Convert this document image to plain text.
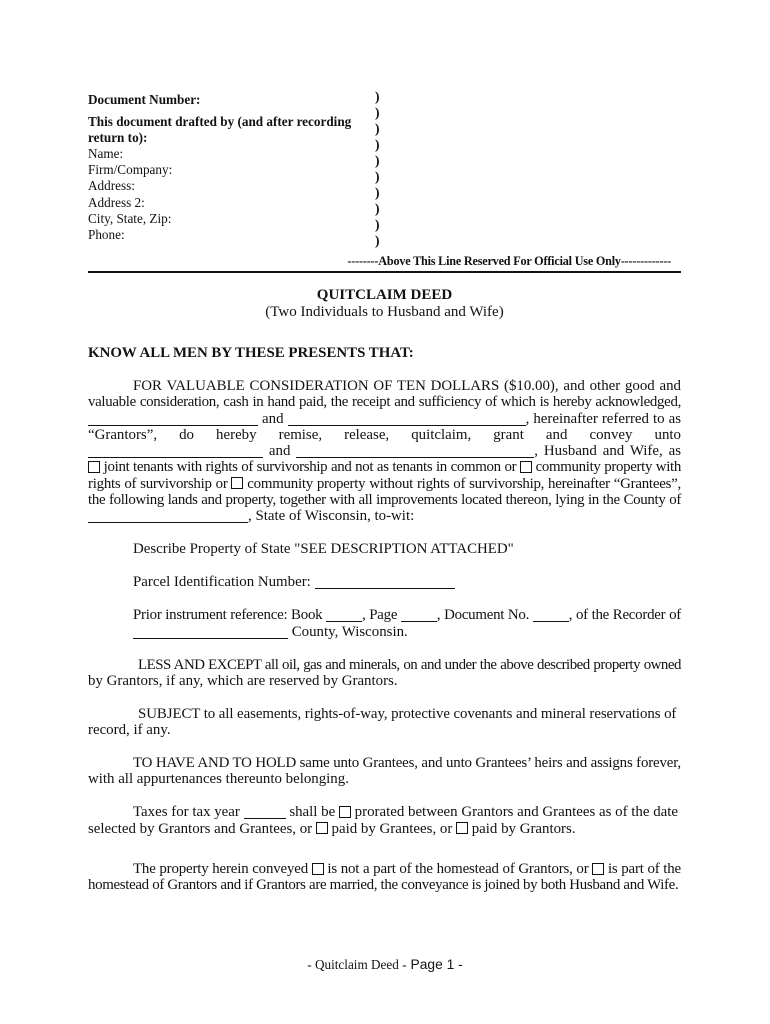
Document Number:
This document drafted by (and after recording return to):
Name:
Firm/Company:
Address:
Address 2:
City, State, Zip:
Phone:
)
)
)
)
)
)
)
)
)
)
--------Above This Line Reserved For Official Use Only-------------
QUITCLAIM DEED
(Two Individuals to Husband and Wife)
KNOW ALL MEN BY THESE PRESENTS THAT:
FOR VALUABLE CONSIDERATION OF TEN DOLLARS ($10.00), and other good and
valuable consideration, cash in hand paid, the receipt and sufficiency of which is hereby acknowledged,
and	, hereinafter referred to as
“Grantors”, do hereby remise, release, quitclaim, grant and convey unto
and	, Husband and Wife, as
joint tenants with rights of survivorship and not as tenants in common or  community property with
rights of survivorship or  community property without rights of survivorship, hereinafter “Grantees”,
the following lands and property, together with all improvements located thereon, lying in the County of
, State of Wisconsin, to-wit:
Describe Property of State "SEE DESCRIPTION ATTACHED"
Parcel Identification Number:
Prior instrument reference: Book , Page , Document No. , of the Recorder of
County, Wisconsin.
LESS AND EXCEPT all oil, gas and minerals, on and under the above described property owned
by Grantors, if any, which are reserved by Grantors.
SUBJECT to all easements, rights-of-way, protective covenants and mineral reservations of
record, if any.
TO HAVE AND TO HOLD same unto Grantees, and unto Grantees’ heirs and assigns forever,
with all appurtenances thereunto belonging.
Taxes for tax year	shall be  prorated between Grantors and Grantees as of the date
selected by Grantors and Grantees, or  paid by Grantees, or  paid by Grantors.
The property herein conveyed  is not a part of the homestead of Grantors, or  is part of the
homestead of Grantors and if Grantors are married, the conveyance is joined by both Husband and Wife.
- Quitclaim Deed - Page 1 -
